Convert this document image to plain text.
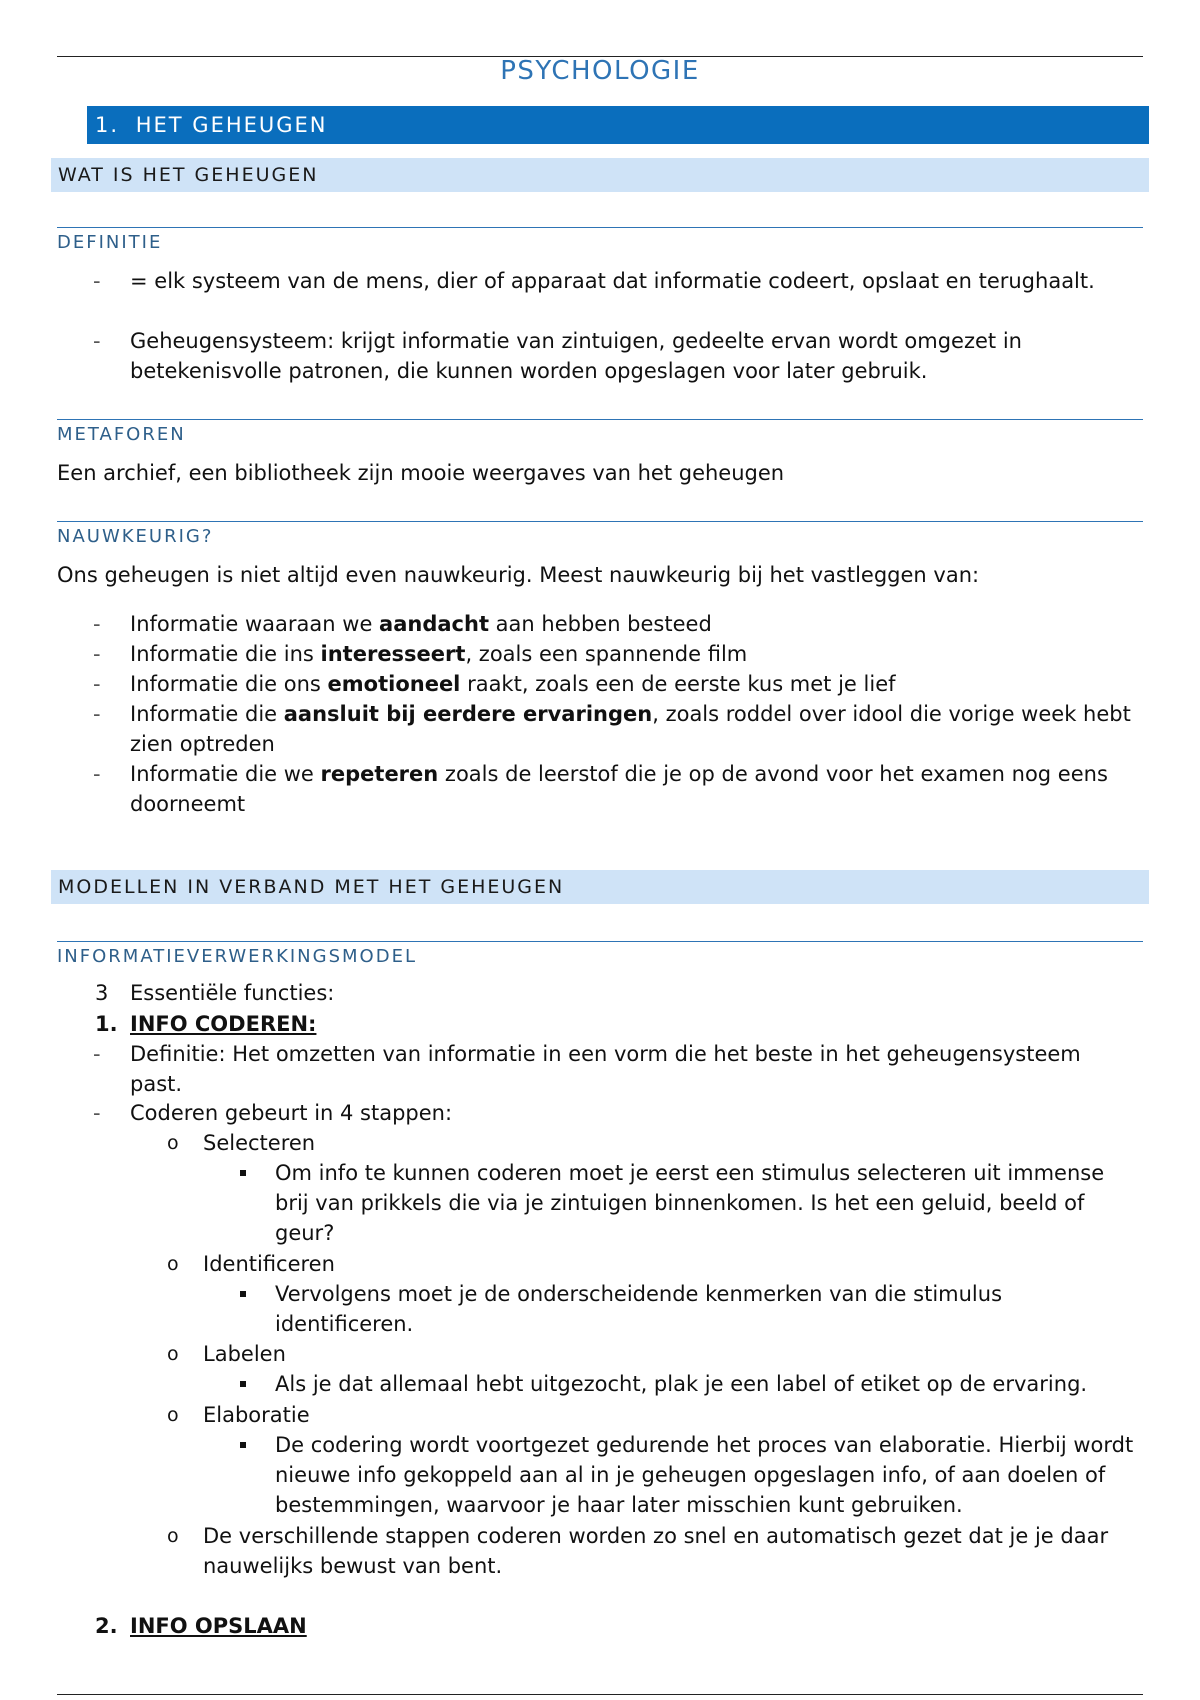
PSYCHOLOGIE
1. HET GEHEUGEN
WAT IS HET GEHEUGEN
DEFINITIE
- = elk systeem van de mens, dier of apparaat dat informatie codeert, opslaat en terughaalt.
- Geheugensysteem: krijgt informatie van zintuigen, gedeelte ervan wordt omgezet in betekenisvolle patronen, die kunnen worden opgeslagen voor later gebruik.
METAFOREN
Een archief, een bibliotheek zijn mooie weergaves van het geheugen
NAUWKEURIG?
Ons geheugen is niet altijd even nauwkeurig. Meest nauwkeurig bij het vastleggen van:
- Informatie waaraan we aandacht aan hebben besteed
- Informatie die ins interesseert, zoals een spannende film
- Informatie die ons emotioneel raakt, zoals een de eerste kus met je lief
- Informatie die aansluit bij eerdere ervaringen, zoals roddel over idool die vorige week hebt zien optreden
- Informatie die we repeteren zoals de leerstof die je op de avond voor het examen nog eens doorneemt
MODELLEN IN VERBAND MET HET GEHEUGEN
INFORMATIEVERWERKINGSMODEL
3 Essentiële functies:
1. INFO CODEREN:
- Definitie: Het omzetten van informatie in een vorm die het beste in het geheugensysteem past.
- Coderen gebeurt in 4 stappen:
o Selecteren
Om info te kunnen coderen moet je eerst een stimulus selecteren uit immense brij van prikkels die via je zintuigen binnenkomen. Is het een geluid, beeld of geur?
o Identificeren
Vervolgens moet je de onderscheidende kenmerken van die stimulus identificeren.
o Labelen
Als je dat allemaal hebt uitgezocht, plak je een label of etiket op de ervaring.
o Elaboratie
De codering wordt voortgezet gedurende het proces van elaboratie. Hierbij wordt nieuwe info gekoppeld aan al in je geheugen opgeslagen info, of aan doelen of bestemmingen, waarvoor je haar later misschien kunt gebruiken.
o De verschillende stappen coderen worden zo snel en automatisch gezet dat je je daar nauwelijks bewust van bent.
2. INFO OPSLAAN
